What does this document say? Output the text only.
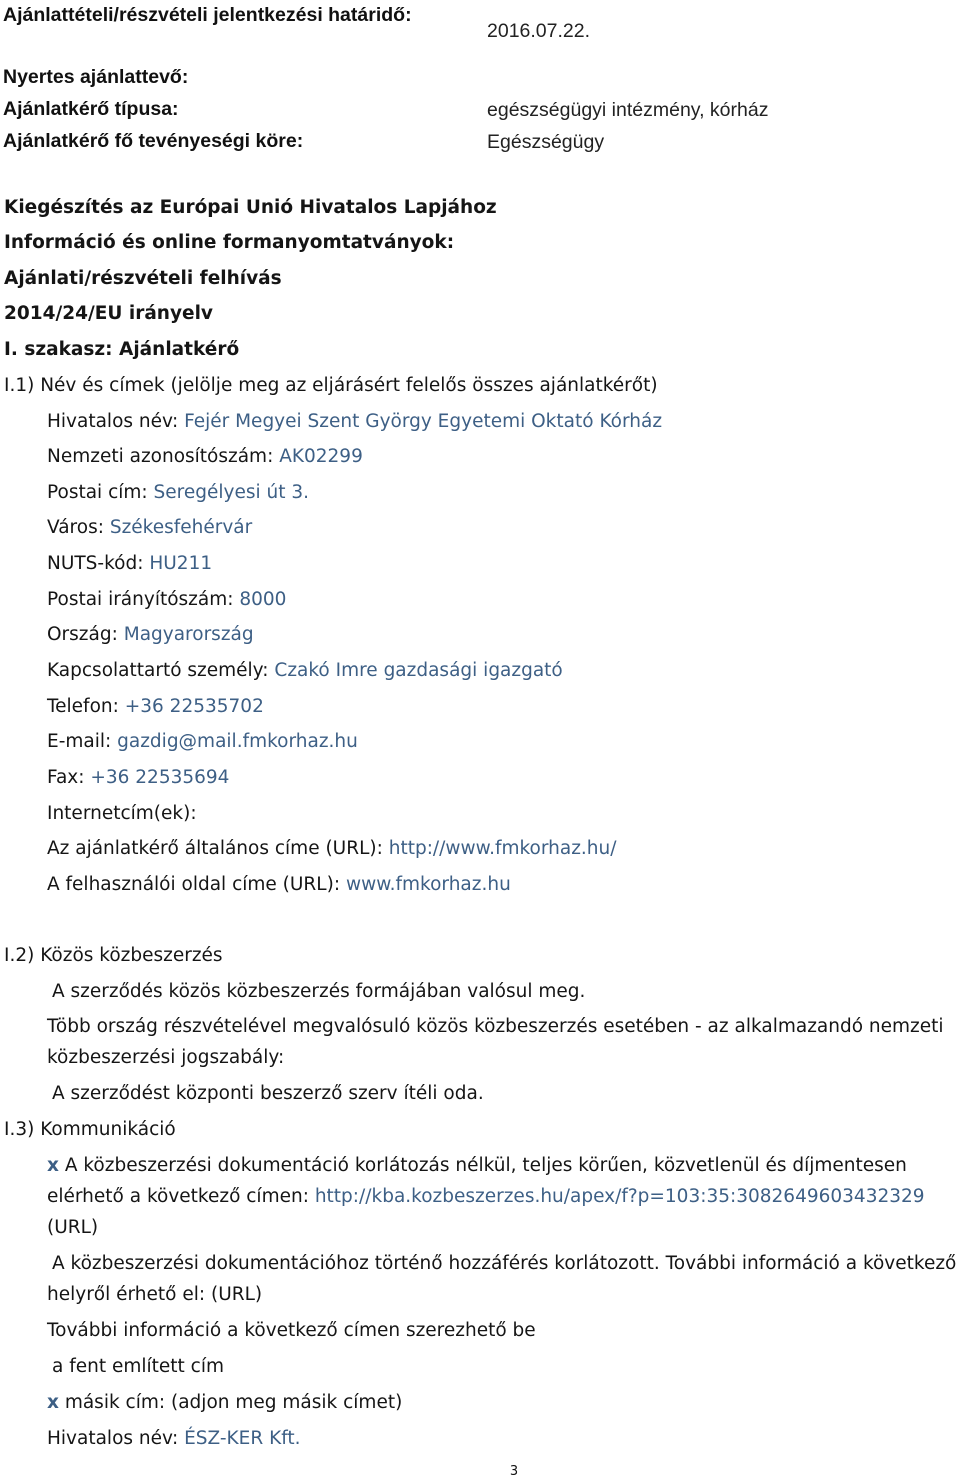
Ajánlattételi/részvételi jelentkezési határidő:
2016.07.22.
Nyertes ajánlattevő:
Ajánlatkérő típusa:	egészségügyi intézmény, kórház
Ajánlatkérő fő tevényeségi köre:	Egészségügy
Kiegészítés az Európai Unió Hivatalos Lapjához
Információ és online formanyomtatványok:
Ajánlati/részvételi felhívás
2014/24/EU irányelv
I. szakasz: Ajánlatkérő
I.1) Név és címek (jelölje meg az eljárásért felelős összes ajánlatkérőt)
Hivatalos név: Fejér Megyei Szent György Egyetemi Oktató Kórház
Nemzeti azonosítószám: AK02299
Postai cím: Seregélyesi út 3.
Város: Székesfehérvár
NUTS-kód: HU211
Postai irányítószám: 8000
Ország: Magyarország
Kapcsolattartó személy: Czakó Imre gazdasági igazgató
Telefon: +36 22535702
E-mail: gazdig@mail.fmkorhaz.hu
Fax: +36 22535694
Internetcím(ek):
Az ajánlatkérő általános címe (URL): http://www.fmkorhaz.hu/
A felhasználói oldal címe (URL): www.fmkorhaz.hu
I.2) Közös közbeszerzés
A szerződés közös közbeszerzés formájában valósul meg.
Több ország részvételével megvalósuló közös közbeszerzés esetében - az alkalmazandó nemzeti
közbeszerzési jogszabály:
A szerződést központi beszerző szerv ítéli oda.
I.3) Kommunikáció
x A közbeszerzési dokumentáció korlátozás nélkül, teljes körűen, közvetlenül és díjmentesen
elérhető a következő címen: http://kba.kozbeszerzes.hu/apex/f?p=103:35:3082649603432329
(URL)
A közbeszerzési dokumentációhoz történő hozzáférés korlátozott. További információ a következő
helyről érhető el: (URL)
További információ a következő címen szerezhető be
a fent említett cím
x másik cím: (adjon meg másik címet)
Hivatalos név: ÉSZ-KER Kft.
3
